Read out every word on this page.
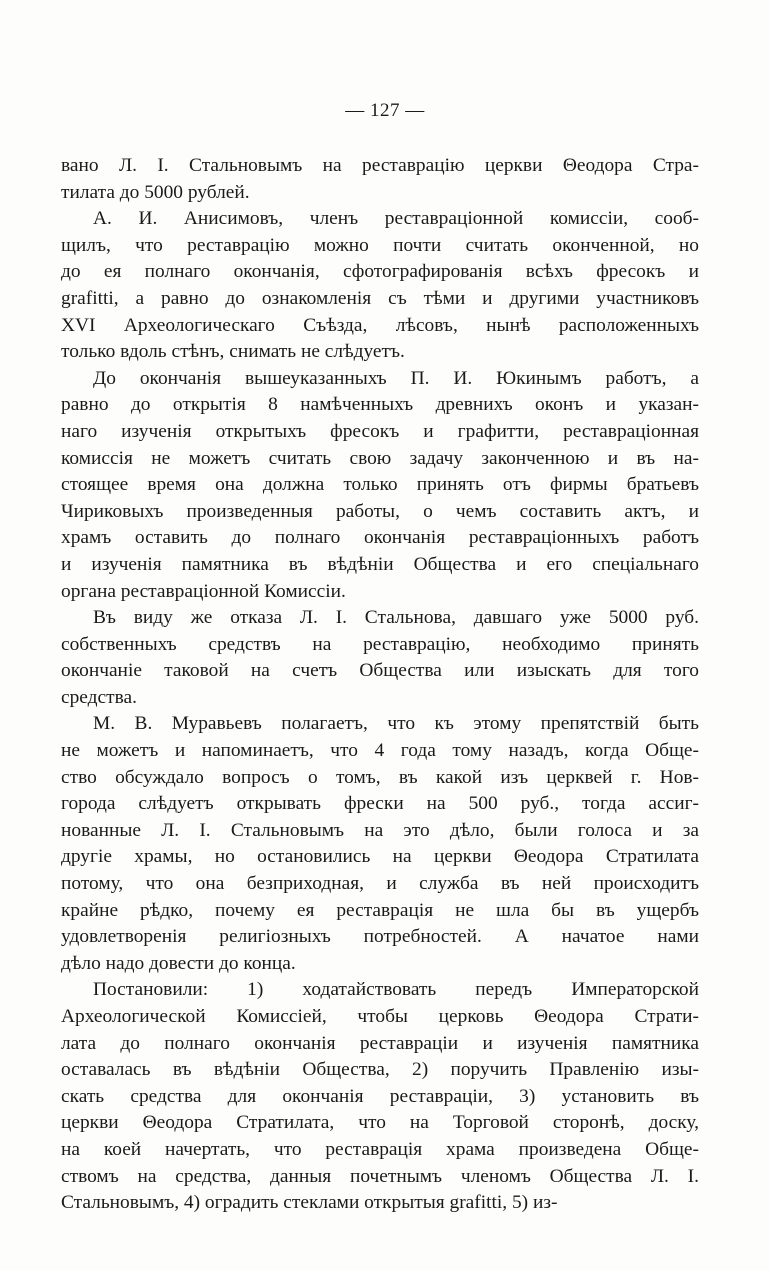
— 127 —
вано Л. I. Стальновымъ на реставрацію церкви Θеодора Стра-
тилата до 5000 рублей.
А. И. Анисимовъ, членъ реставраціонной комиссіи, сооб-
щилъ, что реставрацію можно почти считать оконченной, но
до ея полнаго окончанія, сфотографированія всѣхъ фресокъ и
grafitti, а равно до ознакомленія съ тѣми и другими участниковъ
XVI Археологическаго Съѣзда, лѣсовъ, нынѣ расположенныхъ
только вдоль стѣнъ, снимать не слѣдуетъ.
До окончанія вышеуказанныхъ П. И. Юкинымъ работъ, а
равно до открытія 8 намѣченныхъ древнихъ оконъ и указан-
наго изученія открытыхъ фресокъ и графитти, реставраціонная
комиссія не можетъ считать свою задачу законченною и въ на-
стоящее время она должна только принять отъ фирмы братьевъ
Чириковыхъ произведенныя работы, о чемъ составить актъ, и
храмъ оставить до полнаго окончанія реставраціонныхъ работъ
и изученія памятника въ вѣдѣніи Общества и его спеціальнаго
органа реставраціонной Комиссіи.
Въ виду же отказа Л. I. Стальнова, давшаго уже 5000 руб.
собственныхъ средствъ на реставрацію, необходимо принять
окончаніе таковой на счетъ Общества или изыскать для того
средства.
М. В. Муравьевъ полагаетъ, что къ этому препятствій быть
не можетъ и напоминаетъ, что 4 года тому назадъ, когда Обще-
ство обсуждало вопросъ о томъ, въ какой изъ церквей г. Нов-
города слѣдуетъ открывать фрески на 500 руб., тогда ассиг-
нованные Л. I. Стальновымъ на это дѣло, были голоса и за
другіе храмы, но остановились на церкви Θеодора Стратилата
потому, что она безприходная, и служба въ ней происходитъ
крайне рѣдко, почему ея реставрація не шла бы въ ущербъ
удовлетворенія религіозныхъ потребностей. А начатое нами
дѣло надо довести до конца.
Постановили: 1) ходатайствовать передъ Императорской
Археологической Комиссіей, чтобы церковь Θеодора Страти-
лата до полнаго окончанія реставраціи и изученія памятника
оставалась въ вѣдѣніи Общества, 2) поручить Правленію изы-
скать средства для окончанія реставраціи, 3) установить въ
церкви Θеодора Стратилата, что на Торговой сторонѣ, доску,
на коей начертать, что реставрація храма произведена Обще-
ствомъ на средства, данныя почетнымъ членомъ Общества Л. I.
Стальновымъ, 4) оградить стеклами открытыя grafitti, 5) из-
